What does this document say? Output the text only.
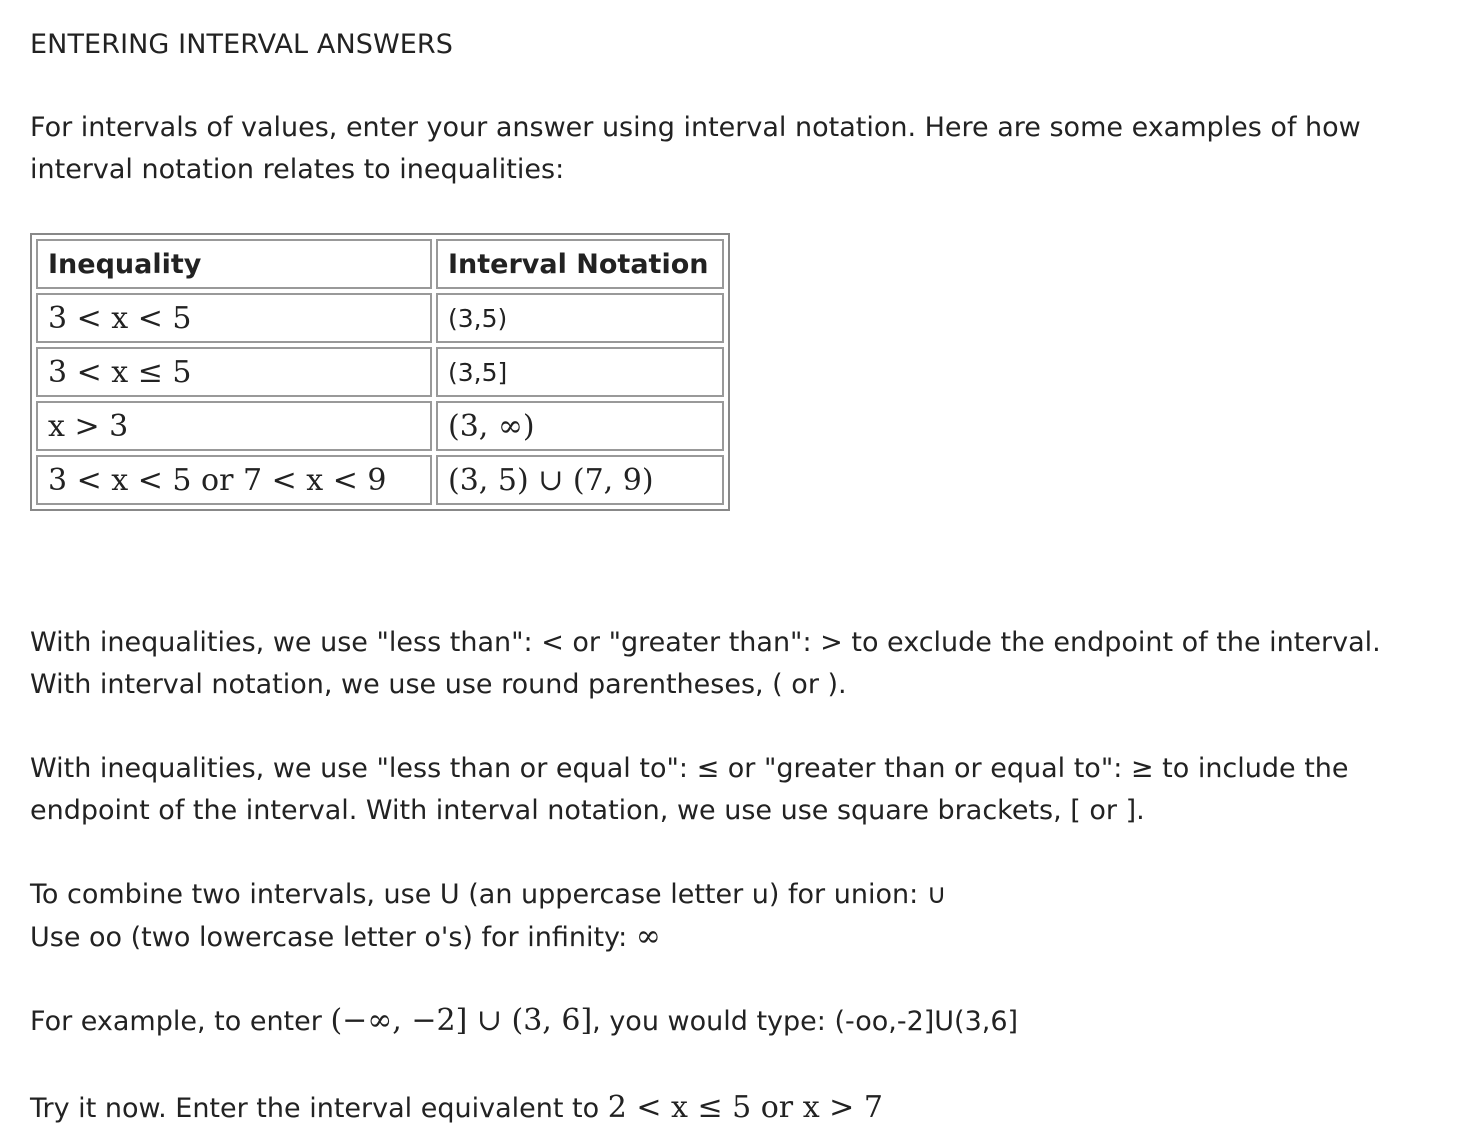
ENTERING INTERVAL ANSWERS

For intervals of values, enter your answer using interval notation. Here are some examples of how interval notation relates to inequalities:

Inequality	Interval Notation
3 < x < 5	(3,5)
3 < x ≤ 5	(3,5]
x > 3	(3, ∞)
3 < x < 5 or 7 < x < 9	(3, 5) ∪ (7, 9)

With inequalities, we use "less than": < or "greater than": > to exclude the endpoint of the interval. With interval notation, we use use round parentheses, ( or ).

With inequalities, we use "less than or equal to": ≤ or "greater than or equal to": ≥ to include the endpoint of the interval. With interval notation, we use use square brackets, [ or ].

To combine two intervals, use U (an uppercase letter u) for union: ∪
Use oo (two lowercase letter o's) for infinity: ∞

For example, to enter (−∞, −2] ∪ (3, 6], you would type: (-oo,-2]U(3,6]

Try it now. Enter the interval equivalent to 2 < x ≤ 5 or x > 7
